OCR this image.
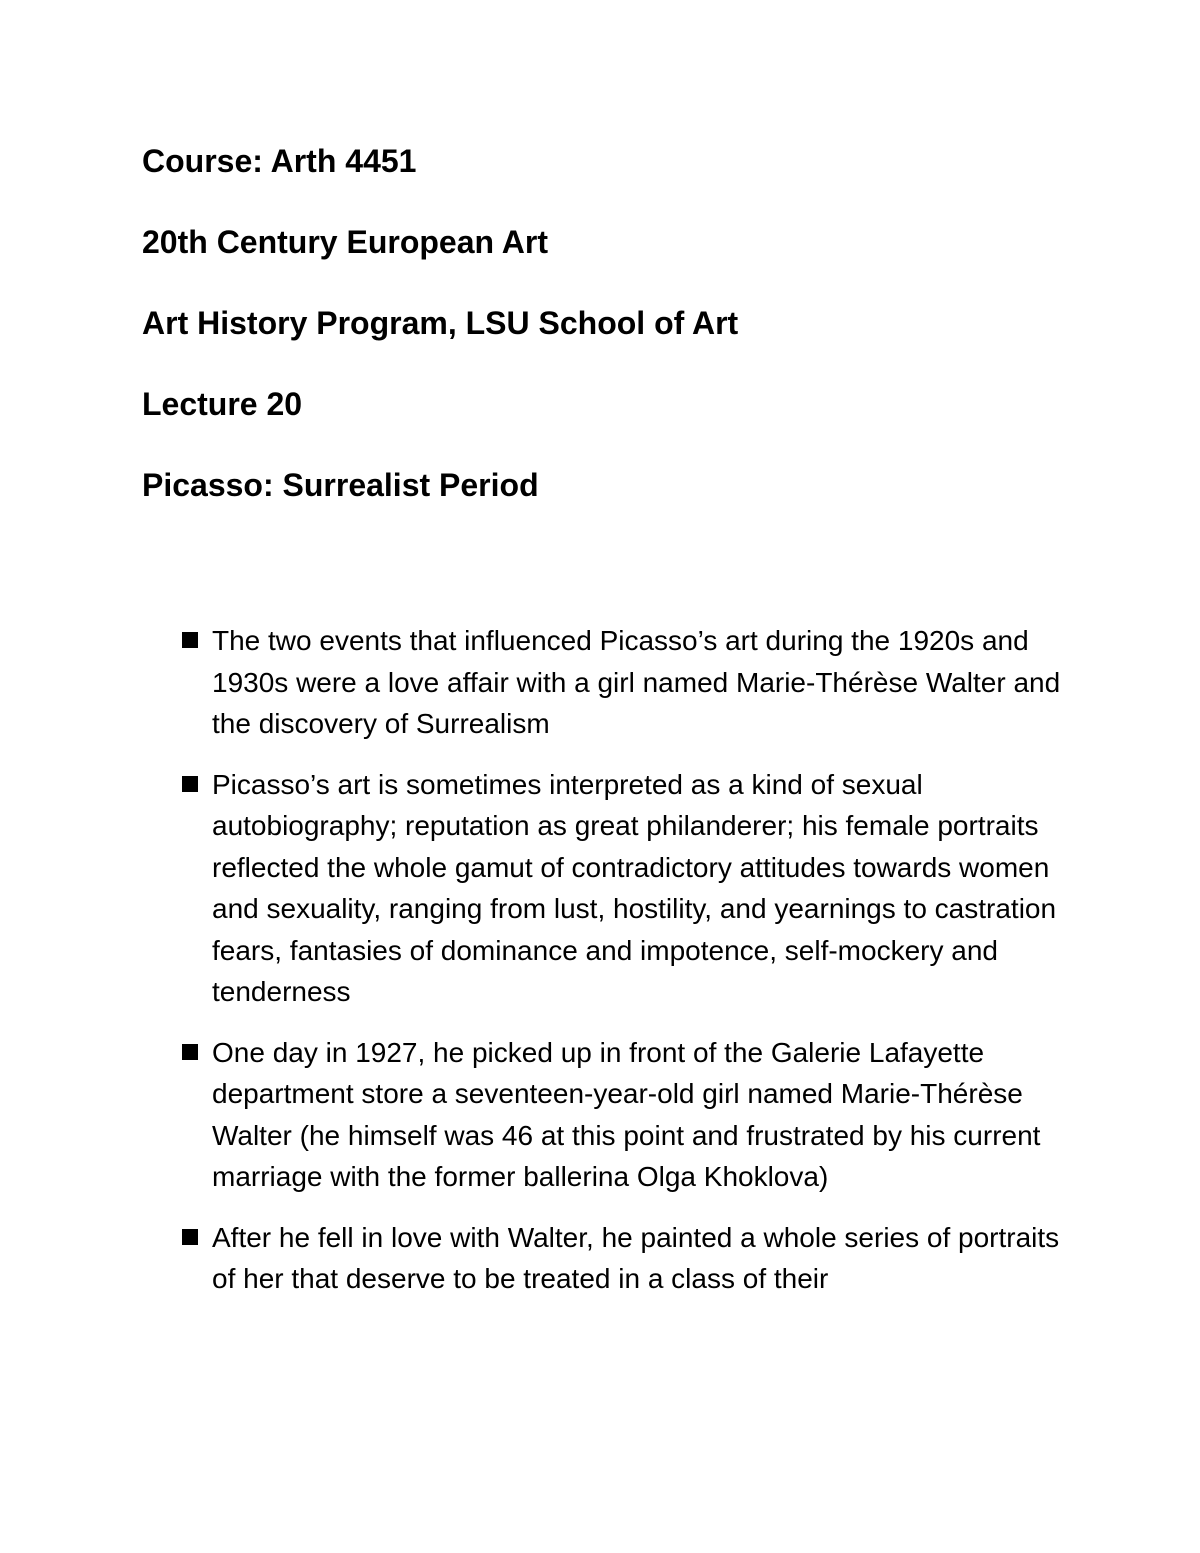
Course: Arth 4451
20th Century European Art
Art History Program, LSU School of Art
Lecture 20
Picasso: Surrealist Period
The two events that influenced Picasso’s art during the 1920s and 1930s were a love affair with a girl named Marie-Thérèse Walter and the discovery of Surrealism
Picasso’s art is sometimes interpreted as a kind of sexual autobiography; reputation as great philanderer; his female portraits reflected the whole gamut of contradictory attitudes towards women and sexuality, ranging from lust, hostility, and yearnings to castration fears, fantasies of dominance and impotence, self-mockery and tenderness
One day in 1927, he picked up in front of the Galerie Lafayette department store a seventeen-year-old girl named Marie-Thérèse Walter (he himself was 46 at this point and frustrated by his current marriage with the former ballerina Olga Khoklova)
After he fell in love with Walter, he painted a whole series of portraits of her that deserve to be treated in a class of their
